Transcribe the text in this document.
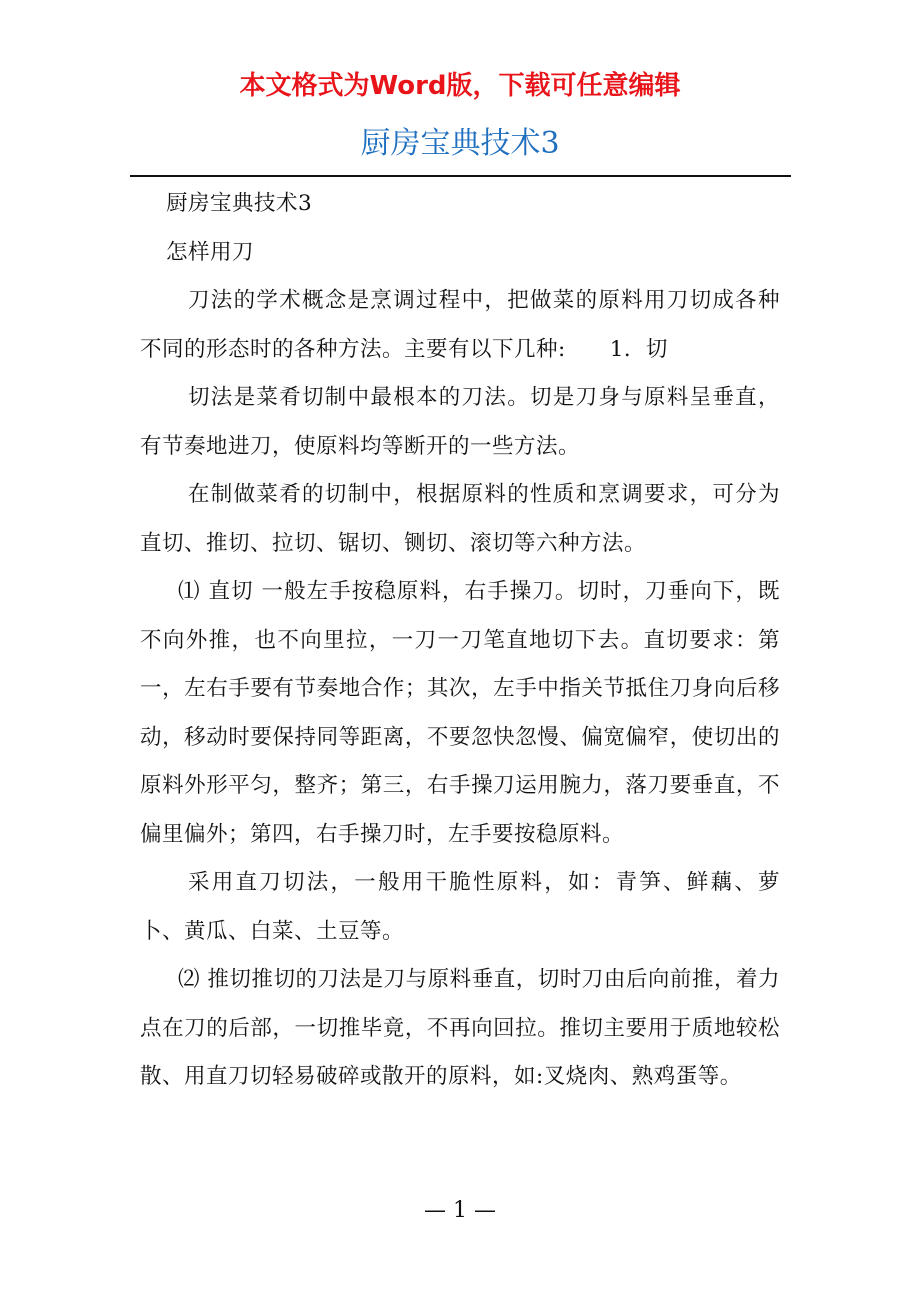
本文格式为Word版，下载可任意编辑
厨房宝典技术3

厨房宝典技术3

怎样用刀

刀法的学术概念是烹调过程中，把做菜的原料用刀切成各种不同的形态时的各种方法。主要有以下几种:　　1．切

切法是菜肴切制中最根本的刀法。切是刀身与原料呈垂直，有节奏地进刀，使原料均等断开的一些方法。

在制做菜肴的切制中，根据原料的性质和烹调要求，可分为直切、推切、拉切、锯切、铡切、滚切等六种方法。

⑴ 直切 一般左手按稳原料，右手操刀。切时，刀垂向下，既不向外推，也不向里拉，一刀一刀笔直地切下去。直切要求：第一，左右手要有节奏地合作；其次，左手中指关节抵住刀身向后移动，移动时要保持同等距离，不要忽快忽慢、偏宽偏窄，使切出的原料外形平匀，整齐；第三，右手操刀运用腕力，落刀要垂直，不偏里偏外；第四，右手操刀时，左手要按稳原料。

采用直刀切法，一般用干脆性原料，如：青笋、鲜藕、萝卜、黄瓜、白菜、土豆等。

⑵ 推切推切的刀法是刀与原料垂直，切时刀由后向前推，着力点在刀的后部，一切推毕竟，不再向回拉。推切主要用于质地较松散、用直刀切轻易破碎或散开的原料，如:叉烧肉、熟鸡蛋等。

— 1 —
